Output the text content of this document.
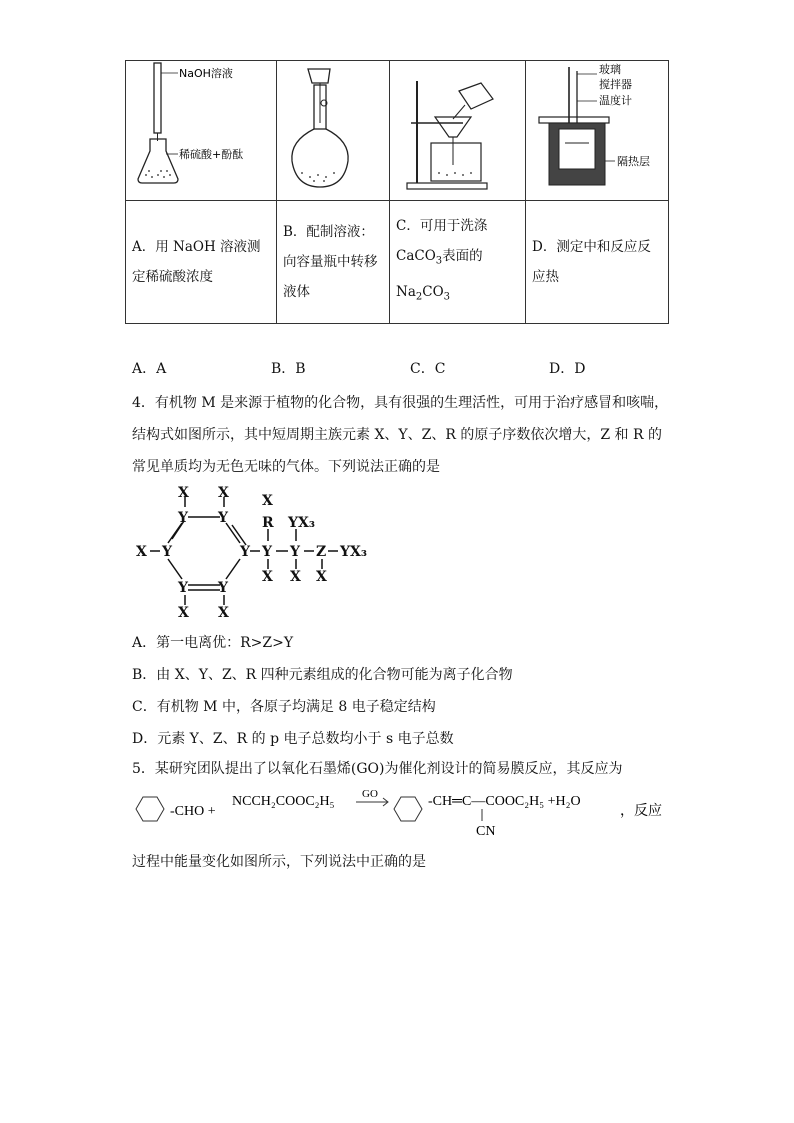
NaOH溶液
稀硫酸+酚酞			玻璃
搅拌器
温度计
隔热层

A．用 NaOH 溶液测定稀硫酸浓度	B．配制溶液：向容量瓶中转移液体	C．可用于洗涤
CaCO$_3$表面的
$Na_2CO_3$	D．测定中和反应反应热
A．A	B．B	C．C	D．D
4．有机物 M 是来源于植物的化合物，具有很强的生理活性，可用于治疗感冒和咳喘，
结构式如图所示，其中短周期主族元素 X、Y、Z、R 的原子序数依次增大，Z 和 R 的
常见单质均为无色无味的气体。下列说法正确的是
X X
Y Y
X Y	Y
Y Y
X X
X
R
Y
X
YX₃
Y
X
Z
X
YX₃
A．第一电离优：R>Z>Y
B．由 X、Y、Z、R 四种元素组成的化合物可能为离子化合物
C．有机物 M 中，各原子均满足 8 电子稳定结构
D．元素 Y、Z、R 的 p 电子总数均小于 s 电子总数
5．某研究团队提出了以氧化石墨烯(GO)为催化剂设计的简易膜反应，其反应为
-CHO +
NCCH₂COOC₂H₅ GO	-CH═C—COOC₂H₅ +H₂O
CN
，反应
过程中能量变化如图所示，下列说法中正确的是
